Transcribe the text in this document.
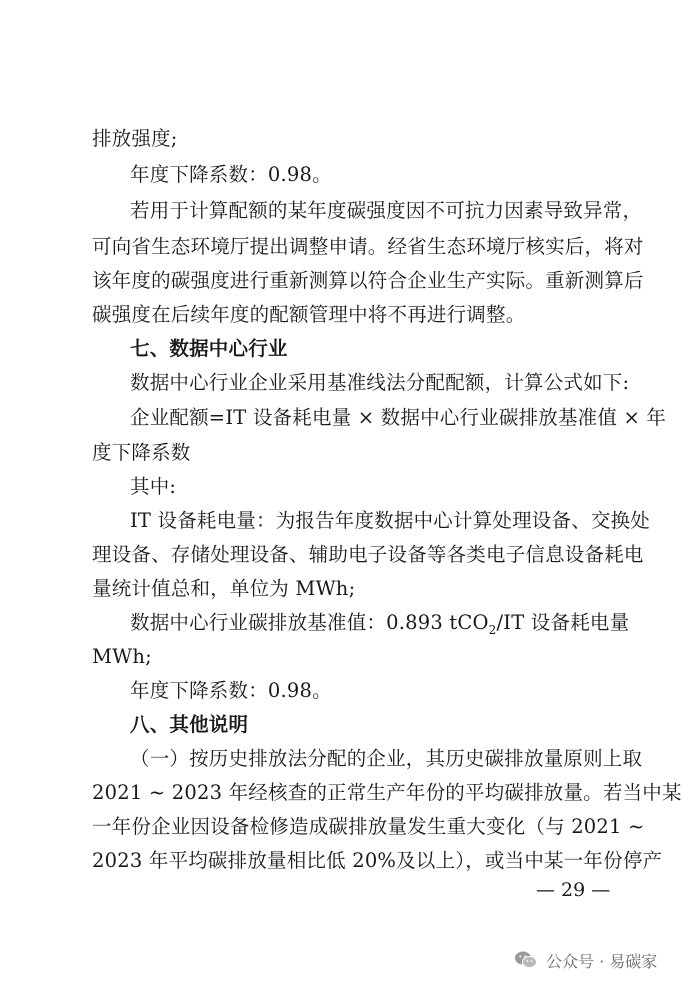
排放强度;
年度下降系数：0.98。
若用于计算配额的某年度碳强度因不可抗力因素导致异常，
可向省生态环境厅提出调整申请。经省生态环境厅核实后，将对
该年度的碳强度进行重新测算以符合企业生产实际。重新测算后
碳强度在后续年度的配额管理中将不再进行调整。
七、数据中心行业
数据中心行业企业采用基准线法分配配额，计算公式如下:
企业配额=IT 设备耗电量 × 数据中心行业碳排放基准值 × 年
度下降系数
其中:
IT 设备耗电量：为报告年度数据中心计算处理设备、交换处
理设备、存储处理设备、辅助电子设备等各类电子信息设备耗电
量统计值总和，单位为 MWh;
数据中心行业碳排放基准值：0.893 tCO$_2$/IT 设备耗电量
MWh;
年度下降系数：0.98。
八、其他说明
（一）按历史排放法分配的企业，其历史碳排放量原则上取
2021 ~ 2023 年经核查的正常生产年份的平均碳排放量。若当中某
一年份企业因设备检修造成碳排放量发生重大变化（与 2021 ~
2023 年平均碳排放量相比低 20%及以上），或当中某一年份停产
— 29 —
公众号 · 易碳家
